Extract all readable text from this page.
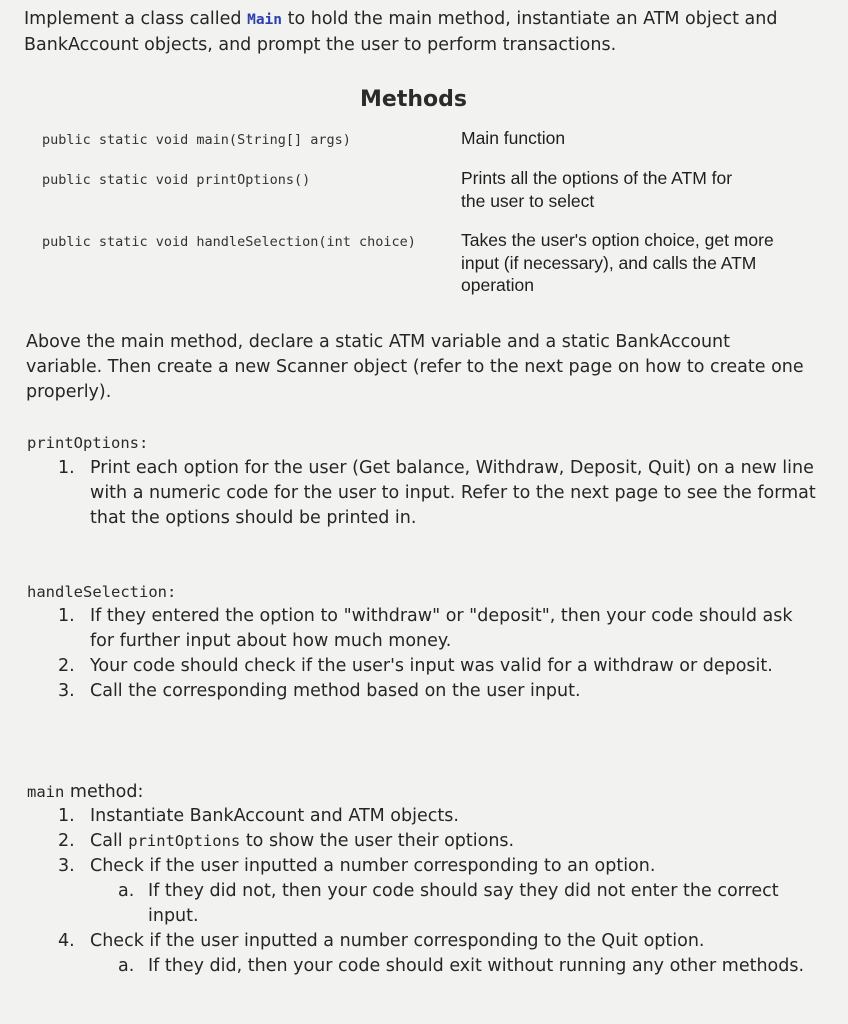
Implement a class called Main to hold the main method, instantiate an ATM object and BankAccount objects, and prompt the user to perform transactions.
Methods
public static void main(String[] args)	Main function
public static void printOptions()	Prints all the options of the ATM for the user to select
public static void handleSelection(int choice)	Takes the user's option choice, get more input (if necessary), and calls the ATM operation
Above the main method, declare a static ATM variable and a static BankAccount variable. Then create a new Scanner object (refer to the next page on how to create one properly).
printOptions:
1. Print each option for the user (Get balance, Withdraw, Deposit, Quit) on a new line with a numeric code for the user to input. Refer to the next page to see the format that the options should be printed in.
handleSelection:
1. If they entered the option to "withdraw" or "deposit", then your code should ask for further input about how much money.
2. Your code should check if the user's input was valid for a withdraw or deposit.
3. Call the corresponding method based on the user input.
main method:
1. Instantiate BankAccount and ATM objects.
2. Call printOptions to show the user their options.
3. Check if the user inputted a number corresponding to an option.
a. If they did not, then your code should say they did not enter the correct input.
4. Check if the user inputted a number corresponding to the Quit option.
a. If they did, then your code should exit without running any other methods.
